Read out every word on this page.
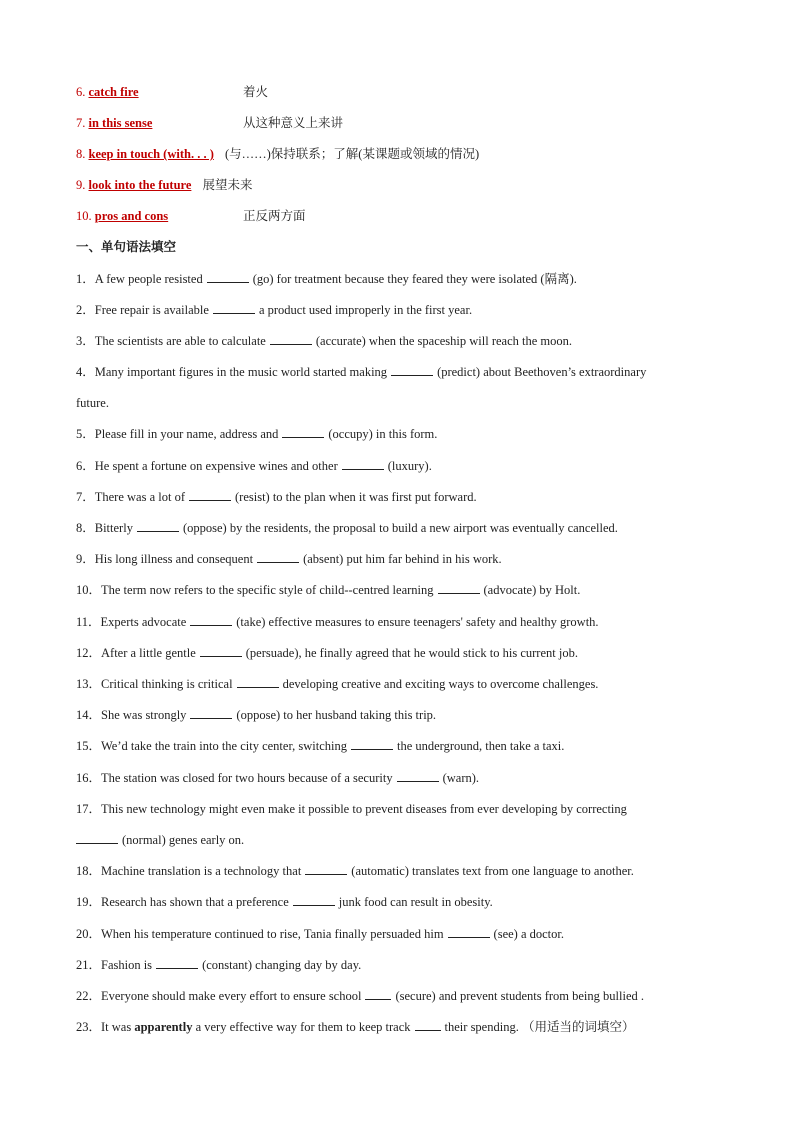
6. catch fire	着火
7. in this sense	从这种意义上来讲
8. keep in touch (with. . . ) (与……)保持联系；了解(某课题或领域的情况)
9. look into the future 展望未来
10. pros and cons	正反两方面
一、单句语法填空
1．A few people resisted	(go) for treatment because they feared they were isolated (隔离).
2．Free repair is available	a product used improperly in the first year.
3．The scientists are able to calculate	(accurate) when the spaceship will reach the moon.
4．Many important figures in the music world started making	(predict) about Beethoven’s extraordinary
future.
5．Please fill in your name, address and	(occupy) in this form.
6．He spent a fortune on expensive wines and other	(luxury).
7．There was a lot of	(resist) to the plan when it was first put forward.
8．Bitterly	(oppose) by the residents, the proposal to build a new airport was eventually cancelled.
9．His long illness and consequent	(absent) put him far behind in his work.
10．The term now refers to the specific style of child--centred learning	(advocate) by Holt.
11．Experts advocate	(take) effective measures to ensure teenagers' safety and healthy growth.
12．After a little gentle	(persuade), he finally agreed that he would stick to his current job.
13．Critical thinking is critical	developing creative and exciting ways to overcome challenges.
14．She was strongly	(oppose) to her husband taking this trip.
15．We’d take the train into the city center, switching	the underground, then take a taxi.
16．The station was closed for two hours because of a security	(warn).
17．This new technology might even make it possible to prevent diseases from ever developing by correcting
(normal) genes early on.
18．Machine translation is a technology that	(automatic) translates text from one language to another.
19．Research has shown that a preference	junk food can result in obesity.
20．When his temperature continued to rise, Tania finally persuaded him	(see) a doctor.
21．Fashion is	(constant) changing day by day.
22．Everyone should make every effort to ensure school	(secure) and prevent students from being bullied .
23．It was apparently a very effective way for them to keep track	their spending. （用适当的词填空）
